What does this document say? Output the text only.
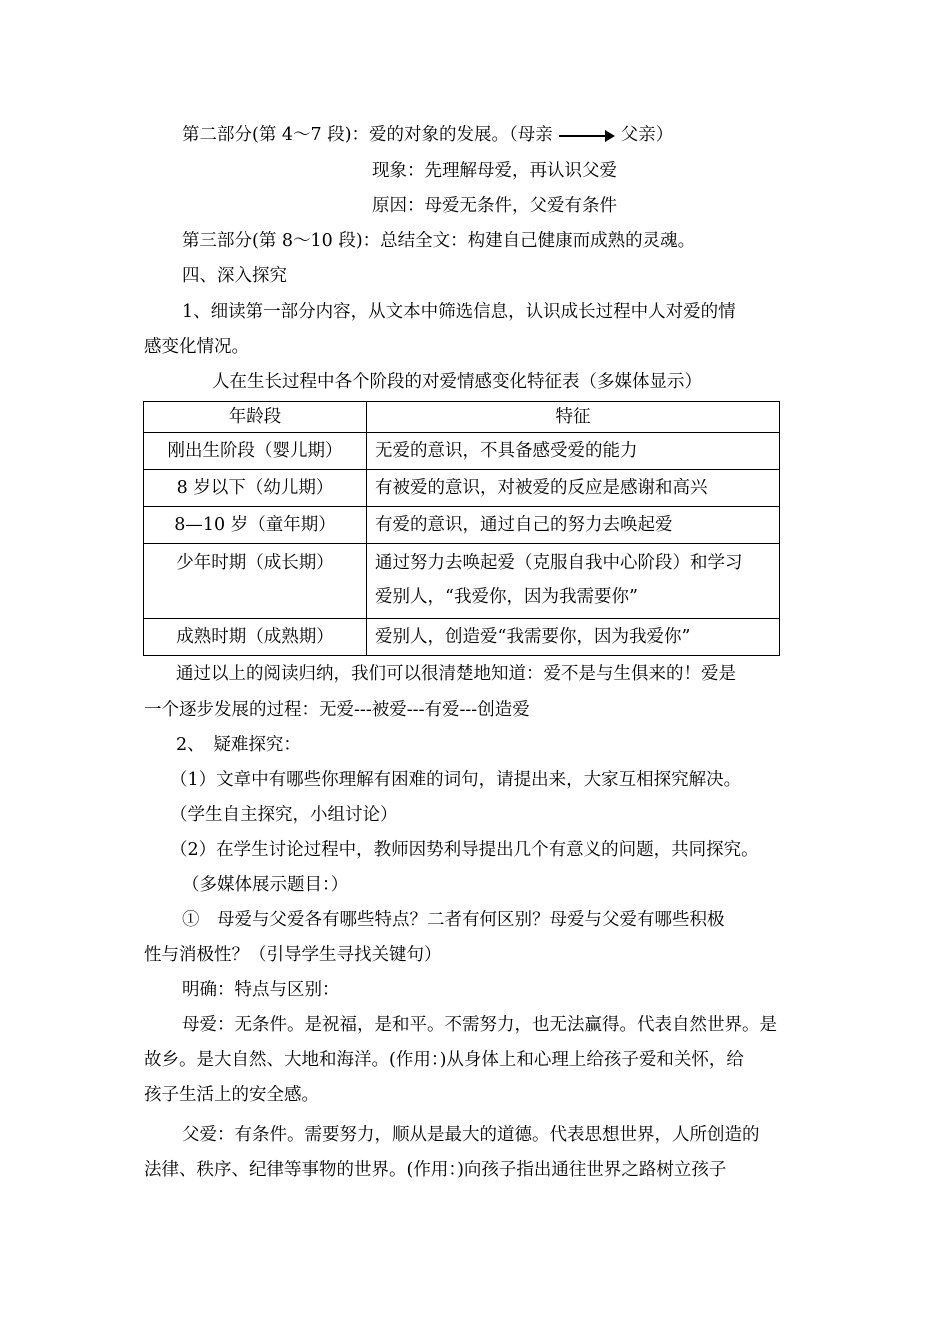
第二部分(第 4～7 段)：爱的对象的发展。（母亲	父亲）
现象：先理解母爱，再认识父爱
原因：母爱无条件，父爱有条件
第三部分(第 8～10 段)：总结全文：构建自己健康而成熟的灵魂。
四、深入探究
1、细读第一部分内容，从文本中筛选信息，认识成长过程中人对爱的情
感变化情况。
人在生长过程中各个阶段的对爱情感变化特征表（多媒体显示）
年龄段	特征
刚出生阶段（婴儿期）	无爱的意识，不具备感受爱的能力
8 岁以下（幼儿期）	有被爱的意识，对被爱的反应是感谢和高兴
8—10 岁（童年期）	有爱的意识，通过自己的努力去唤起爱
少年时期（成长期）	通过努力去唤起爱（克服自我中心阶段）和学习
爱别人，“我爱你，因为我需要你”

成熟时期（成熟期）	爱别人，创造爱“我需要你，因为我爱你”
通过以上的阅读归纳，我们可以很清楚地知道：爱不是与生俱来的！爱是
一个逐步发展的过程：无爱---被爱---有爱---创造爱
2、　疑难探究：
（1）文章中有哪些你理解有困难的词句，请提出来，大家互相探究解决。
（学生自主探究，小组讨论）
（2）在学生讨论过程中，教师因势利导提出几个有意义的问题，共同探究。
（多媒体展示题目：）
①　母爱与父爱各有哪些特点？二者有何区别？母爱与父爱有哪些积极
性与消极性？（引导学生寻找关键句）
明确：特点与区别：
母爱：无条件。是祝福，是和平。不需努力，也无法赢得。代表自然世界。是
故乡。是大自然、大地和海洋。(作用：)从身体上和心理上给孩子爱和关怀，给
孩子生活上的安全感。
父爱：有条件。需要努力，顺从是最大的道德。代表思想世界，人所创造的
法律、秩序、纪律等事物的世界。(作用：)向孩子指出通往世界之路树立孩子
